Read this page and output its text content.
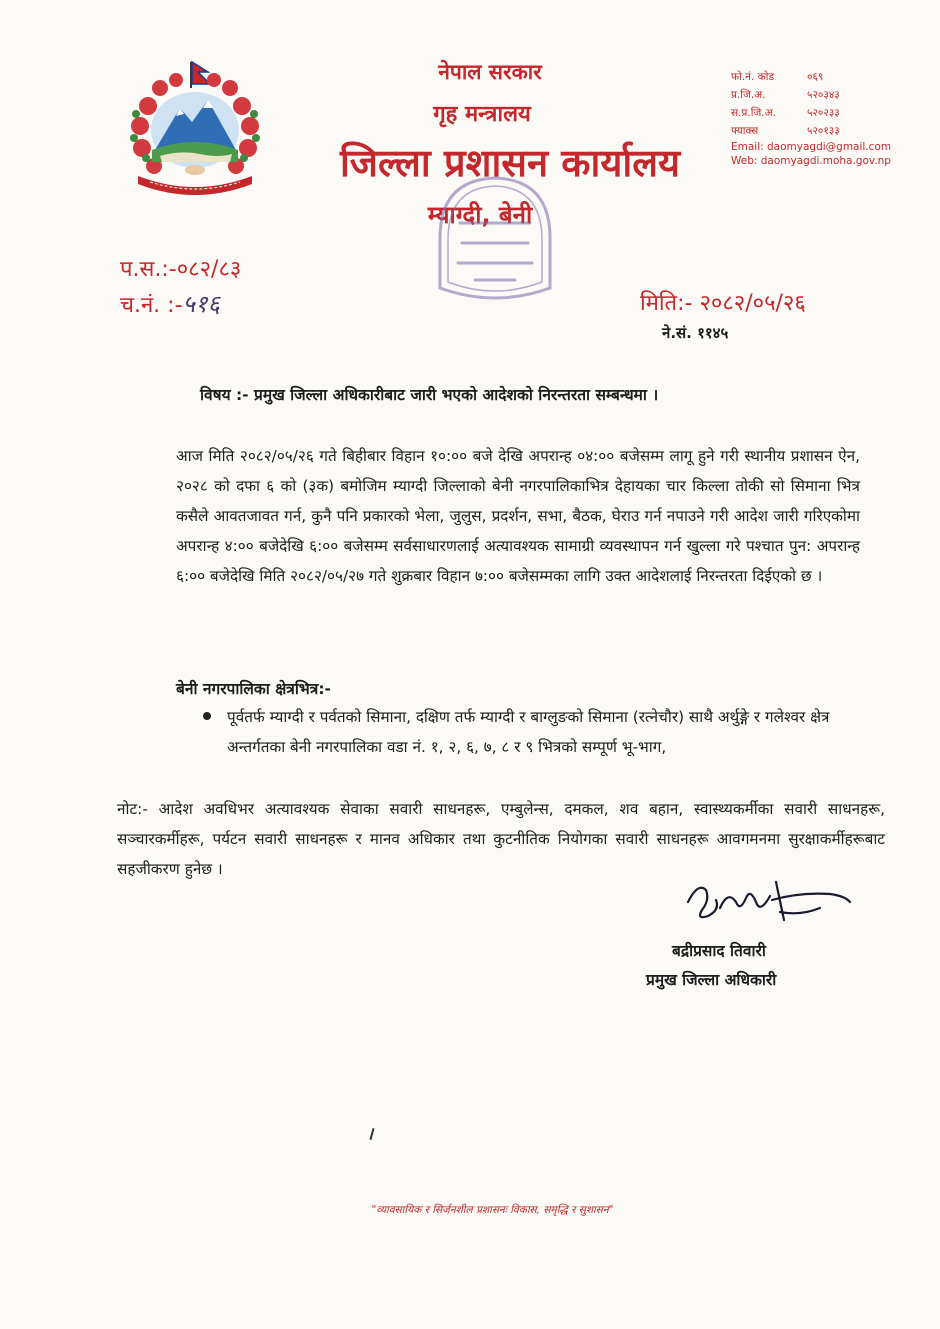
नेपाल सरकार
गृह मन्त्रालय
जिल्ला प्रशासन कार्यालय
म्याग्दी, बेनी
फो.नं. कोड	०६९
प्र.जि.अ.	५२०३४३
स.प्र.जि.अ.	५२०२३३
फ्याक्स	५२०१३३
Email: daomyagdi@gmail.com
Web: daomyagdi.moha.gov.np
प.स.:-०८२/८३
च.नं. :-५१६	मिति:- २०८२/०५/२६
ने.सं. ११४५
विषय :- प्रमुख जिल्ला अधिकारीबाट जारी भएको आदेशको निरन्तरता सम्बन्धमा ।
आज मिति २०८२/०५/२६ गते बिहीबार विहान १०:०० बजे देखि अपरान्ह ०४:०० बजेसम्म लागू हुने गरी स्थानीय प्रशासन ऐन, २०२८ को दफा ६ को (३क) बमोजिम म्याग्दी जिल्लाको बेनी नगरपालिकाभित्र देहायका चार किल्ला तोकी सो सिमाना भित्र कसैले आवतजावत गर्न, कुनै पनि प्रकारको भेला, जुलुस, प्रदर्शन, सभा, बैठक, घेराउ गर्न नपाउने गरी आदेश जारी गरिएकोमा अपरान्ह ४:०० बजेदेखि ६:०० बजेसम्म सर्वसाधारणलाई अत्यावश्यक सामाग्री व्यवस्थापन गर्न खुल्ला गरे पश्चात पुन: अपरान्ह ६:०० बजेदेखि मिति २०८२/०५/२७ गते शुक्रबार विहान ७:०० बजेसम्मका लागि उक्त आदेशलाई निरन्तरता दिईएको छ ।
बेनी नगरपालिका क्षेत्रभित्र:-
पूर्वतर्फ म्याग्दी र पर्वतको सिमाना, दक्षिण तर्फ म्याग्दी र बाग्लुङको सिमाना (रत्नेचौर) साथै अर्थुङ्गे र गलेश्वर क्षेत्र अन्तर्गतका बेनी नगरपालिका वडा नं. १, २, ६, ७, ८ र ९ भित्रको सम्पूर्ण भू-भाग,
नोट:- आदेश अवधिभर अत्यावश्यक सेवाका सवारी साधनहरू, एम्बुलेन्स, दमकल, शव बहान, स्वास्थ्यकर्मीका सवारी साधनहरू, सञ्चारकर्मीहरू, पर्यटन सवारी साधनहरू र मानव अधिकार तथा कुटनीतिक नियोगका सवारी साधनहरू आवगमनमा सुरक्षाकर्मीहरूबाट सहजीकरण हुनेछ ।
बद्रीप्रसाद तिवारी
प्रमुख जिल्ला अधिकारी
"व्यावसायिक र सिर्जनशील प्रशासनः विकास, समृद्धि र सुशासन"
